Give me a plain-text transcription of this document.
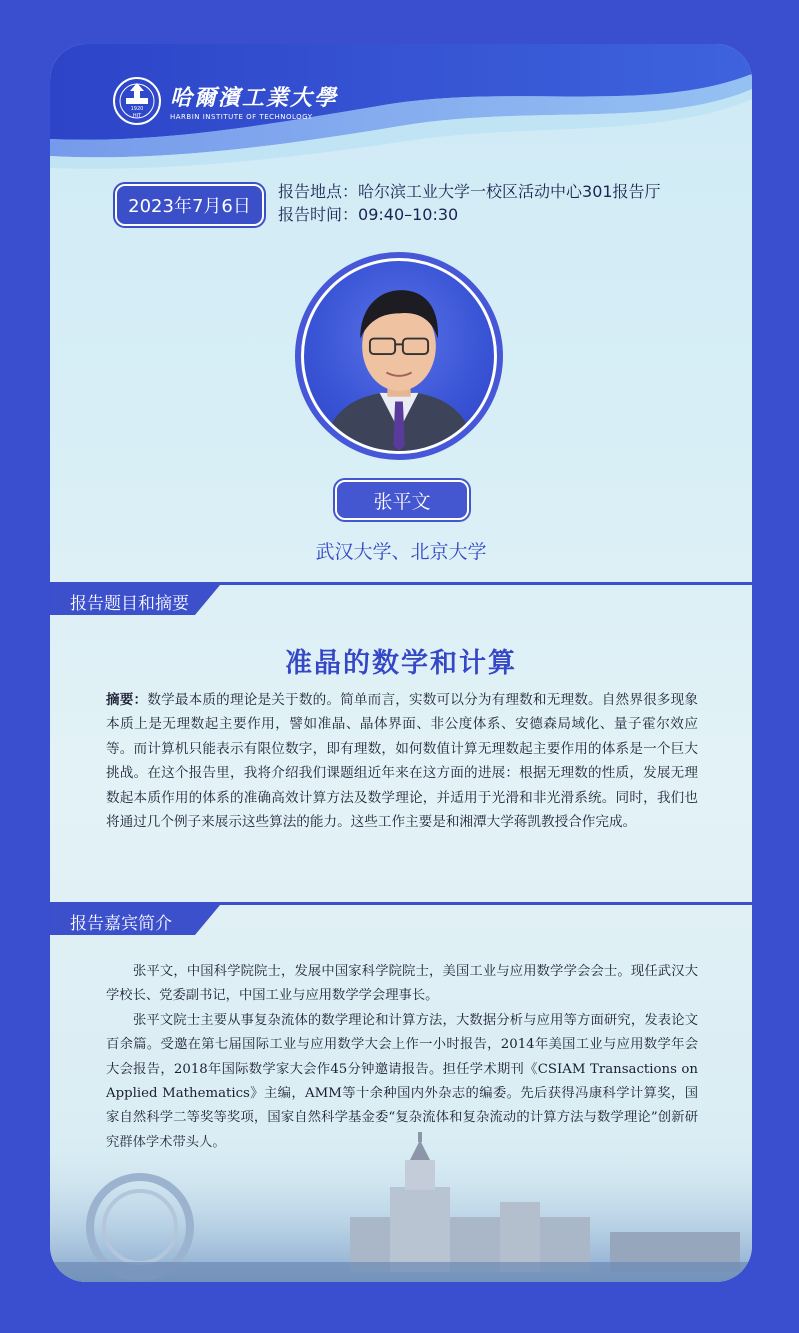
1920
HIT
哈爾濱工業大學
HARBIN INSTITUTE OF TECHNOLOGY
2023年7月6日
报告地点：哈尔滨工业大学一校区活动中心301报告厅
报告时间：09:40–10:30
张平文
武汉大学、北京大学
报告题目和摘要
准晶的数学和计算
摘要：数学最本质的理论是关于数的。简单而言，实数可以分为有理数和无理数。自然界很多现象本质上是无理数起主要作用，譬如准晶、晶体界面、非公度体系、安德森局域化、量子霍尔效应等。而计算机只能表示有限位数字，即有理数，如何数值计算无理数起主要作用的体系是一个巨大挑战。在这个报告里，我将介绍我们课题组近年来在这方面的进展：根据无理数的性质，发展无理数起本质作用的体系的准确高效计算方法及数学理论，并适用于光滑和非光滑系统。同时，我们也将通过几个例子来展示这些算法的能力。这些工作主要是和湘潭大学蒋凯教授合作完成。
报告嘉宾简介

张平文，中国科学院院士，发展中国家科学院院士，美国工业与应用数学学会会士。现任武汉大学校长、党委副书记，中国工业与应用数学学会理事长。

张平文院士主要从事复杂流体的数学理论和计算方法，大数据分析与应用等方面研究，发表论文百余篇。受邀在第七届国际工业与应用数学大会上作一小时报告，2014年美国工业与应用数学年会大会报告，2018年国际数学家大会作45分钟邀请报告。担任学术期刊《CSIAM Transactions on Applied Mathematics》主编，AMM等十余种国内外杂志的编委。先后获得冯康科学计算奖，国家自然科学二等奖等奖项，国家自然科学基金委“复杂流体和复杂流动的计算方法与数学理论”创新研
